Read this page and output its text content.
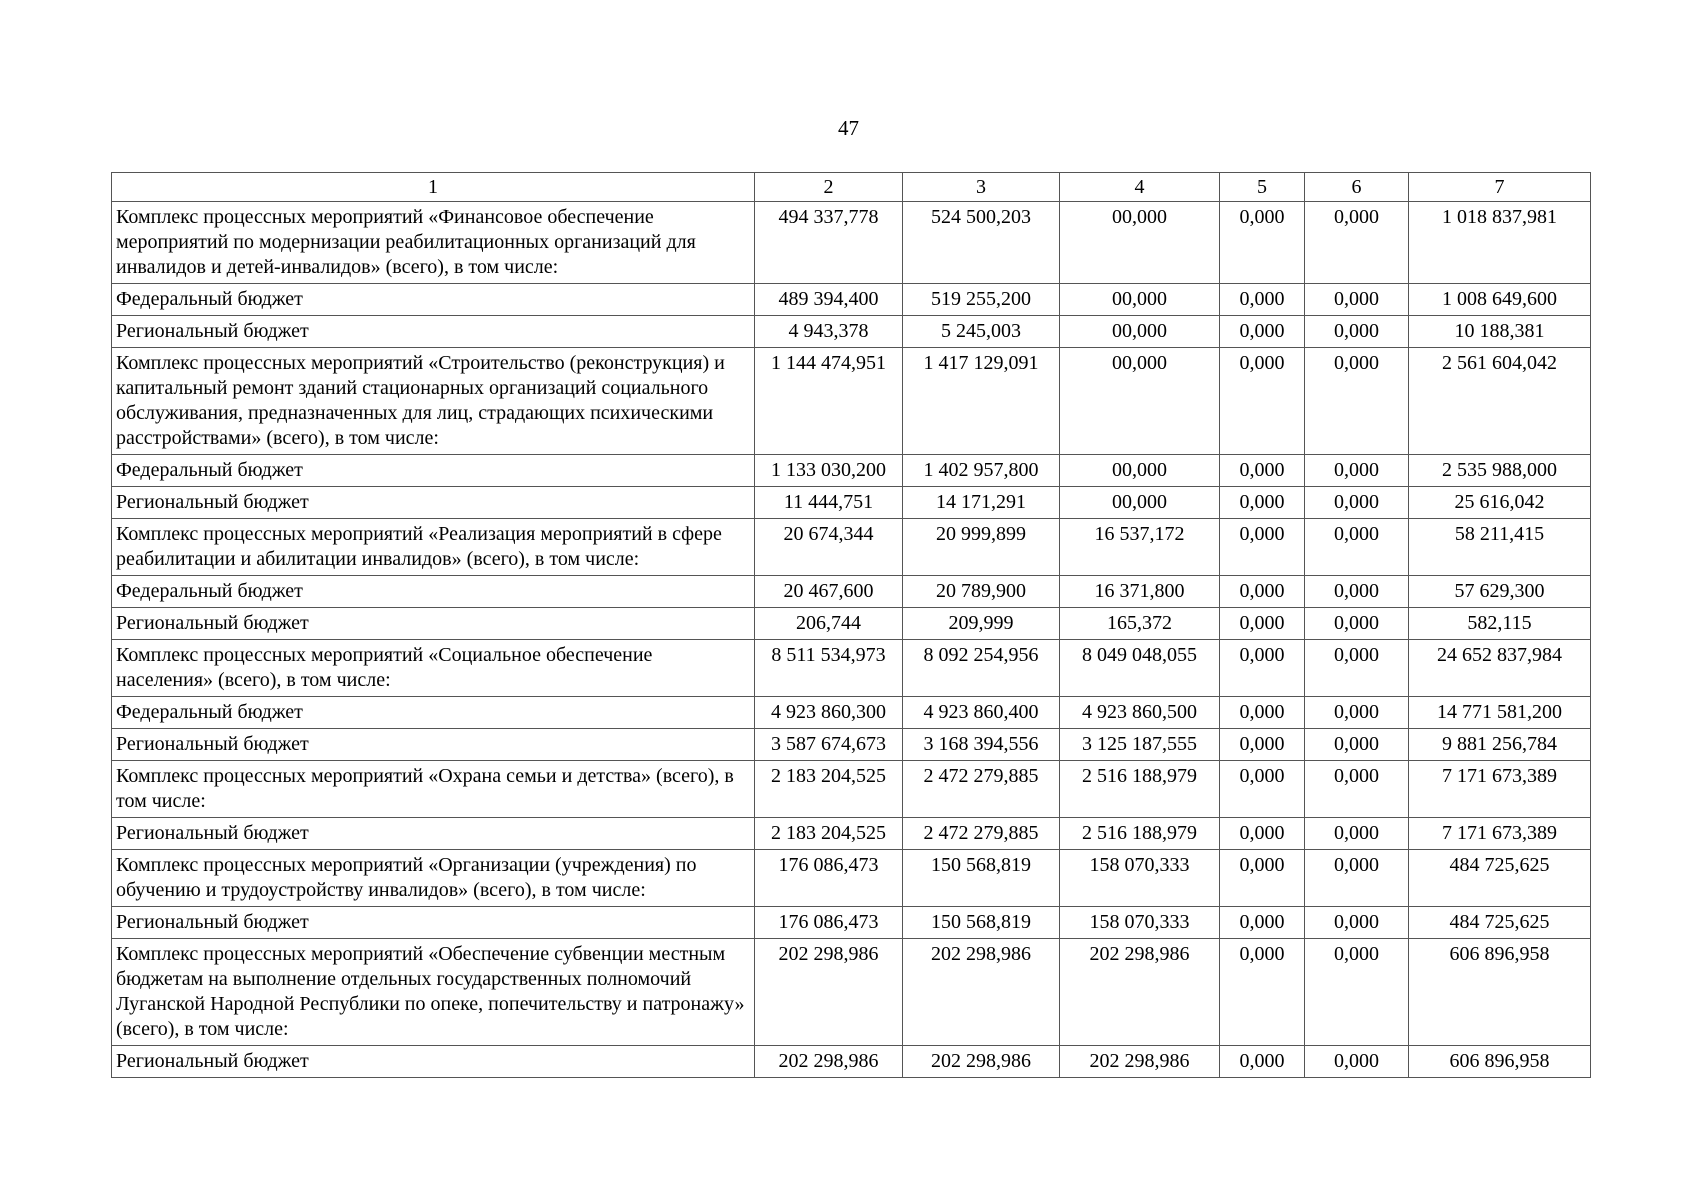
47
1	2	3	4	5	6	7
Комплекс процессных мероприятий «Финансовое обеспечение мероприятий по модернизации реабилитационных организаций для инвалидов и детей-инвалидов» (всего), в том числе:	494 337,778	524 500,203	00,000	0,000	0,000	1 018 837,981
Федеральный бюджет	489 394,400	519 255,200	00,000	0,000	0,000	1 008 649,600
Региональный бюджет	4 943,378	5 245,003	00,000	0,000	0,000	10 188,381
Комплекс процессных мероприятий «Строительство (реконструкция) и капитальный ремонт зданий стационарных организаций социального обслуживания, предназначенных для лиц, страдающих психическими расстройствами» (всего), в том числе:	1 144 474,951	1 417 129,091	00,000	0,000	0,000	2 561 604,042
Федеральный бюджет	1 133 030,200	1 402 957,800	00,000	0,000	0,000	2 535 988,000
Региональный бюджет	11 444,751	14 171,291	00,000	0,000	0,000	25 616,042
Комплекс процессных мероприятий «Реализация мероприятий в сфере реабилитации и абилитации инвалидов» (всего), в том числе:	20 674,344	20 999,899	16 537,172	0,000	0,000	58 211,415
Федеральный бюджет	20 467,600	20 789,900	16 371,800	0,000	0,000	57 629,300
Региональный бюджет	206,744	209,999	165,372	0,000	0,000	582,115
Комплекс процессных мероприятий «Социальное обеспечение населения» (всего), в том числе:	8 511 534,973	8 092 254,956	8 049 048,055	0,000	0,000	24 652 837,984
Федеральный бюджет	4 923 860,300	4 923 860,400	4 923 860,500	0,000	0,000	14 771 581,200
Региональный бюджет	3 587 674,673	3 168 394,556	3 125 187,555	0,000	0,000	9 881 256,784
Комплекс процессных мероприятий «Охрана семьи и детства» (всего), в том числе:	2 183 204,525	2 472 279,885	2 516 188,979	0,000	0,000	7 171 673,389
Региональный бюджет	2 183 204,525	2 472 279,885	2 516 188,979	0,000	0,000	7 171 673,389
Комплекс процессных мероприятий «Организации (учреждения) по обучению и трудоустройству инвалидов» (всего), в том числе:	176 086,473	150 568,819	158 070,333	0,000	0,000	484 725,625
Региональный бюджет	176 086,473	150 568,819	158 070,333	0,000	0,000	484 725,625
Комплекс процессных мероприятий «Обеспечение субвенции местным бюджетам на выполнение отдельных государственных полномочий Луганской Народной Республики по опеке, попечительству и патронажу» (всего), в том числе:	202 298,986	202 298,986	202 298,986	0,000	0,000	606 896,958
Региональный бюджет	202 298,986	202 298,986	202 298,986	0,000	0,000	606 896,958
